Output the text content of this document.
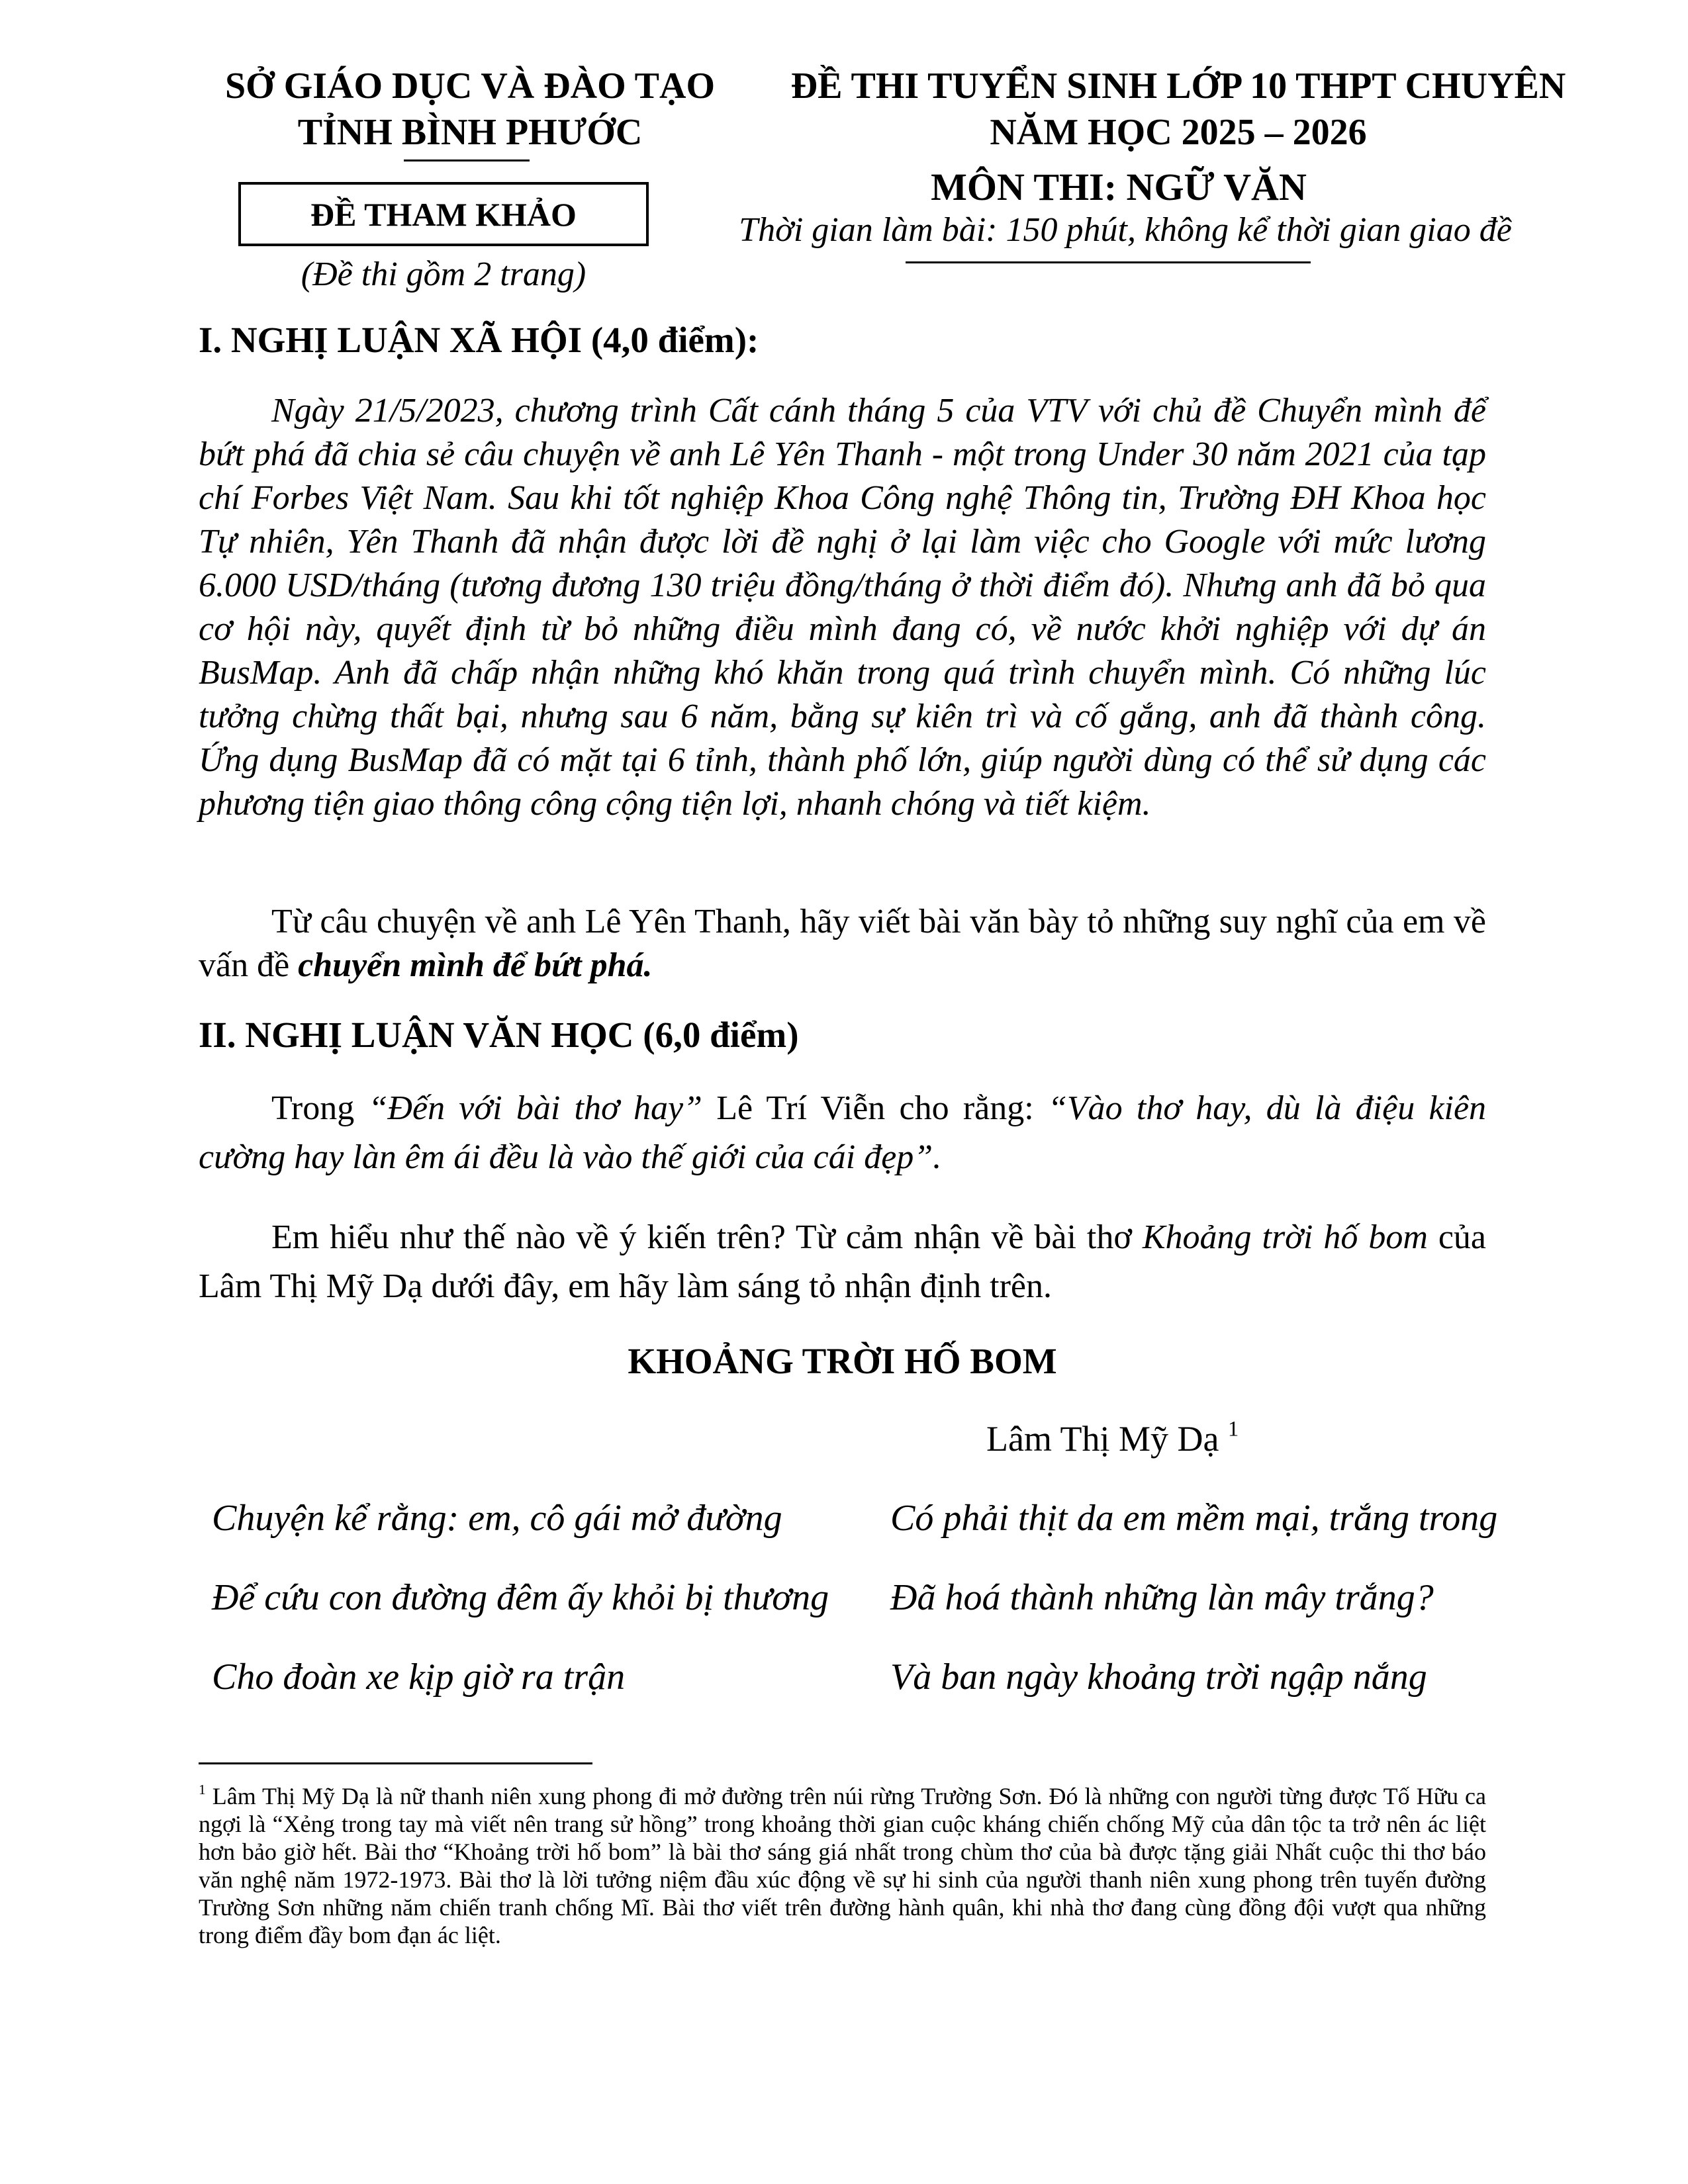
SỞ GIÁO DỤC VÀ ĐÀO TẠO
TỈNH BÌNH PHƯỚC
ĐỀ THI TUYỂN SINH LỚP 10 THPT CHUYÊN
NĂM HỌC 2025 – 2026
ĐỀ THAM KHẢO
(Đề thi gồm 2 trang)
MÔN THI: NGỮ VĂN
Thời gian làm bài: 150 phút, không kể thời gian giao đề
I. NGHỊ LUẬN XÃ HỘI (4,0 điểm):
Ngày 21/5/2023, chương trình Cất cánh tháng 5 của VTV với chủ đề Chuyển mình để bứt phá đã chia sẻ câu chuyện về anh Lê Yên Thanh - một trong Under 30 năm 2021 của tạp chí Forbes Việt Nam. Sau khi tốt nghiệp Khoa Công nghệ Thông tin, Trường ĐH Khoa học Tự nhiên, Yên Thanh đã nhận được lời đề nghị ở lại làm việc cho Google với mức lương 6.000 USD/tháng (tương đương 130 triệu đồng/tháng ở thời điểm đó). Nhưng anh đã bỏ qua cơ hội này, quyết định từ bỏ những điều mình đang có, về nước khởi nghiệp với dự án BusMap. Anh đã chấp nhận những khó khăn trong quá trình chuyển mình. Có những lúc tưởng chừng thất bại, nhưng sau 6 năm, bằng sự kiên trì và cố gắng, anh đã thành công. Ứng dụng BusMap đã có mặt tại 6 tỉnh, thành phố lớn, giúp người dùng có thể sử dụng các phương tiện giao thông công cộng tiện lợi, nhanh chóng và tiết kiệm.
Từ câu chuyện về anh Lê Yên Thanh, hãy viết bài văn bày tỏ những suy nghĩ của em về vấn đề chuyển mình để bứt phá.
II. NGHỊ LUẬN VĂN HỌC (6,0 điểm)
Trong “Đến với bài thơ hay” Lê Trí Viễn cho rằng: “Vào thơ hay, dù là điệu kiên cường hay làn êm ái đều là vào thế giới của cái đẹp”.
Em hiểu như thế nào về ý kiến trên? Từ cảm nhận về bài thơ Khoảng trời hố bom của Lâm Thị Mỹ Dạ dưới đây, em hãy làm sáng tỏ nhận định trên.
KHOẢNG TRỜI HỐ BOM
Lâm Thị Mỹ Dạ $^1$
Chuyện kể rằng: em, cô gái mở đường
Để cứu con đường đêm ấy khỏi bị thương
Cho đoàn xe kịp giờ ra trận
Có phải thịt da em mềm mại, trắng trong
Đã hoá thành những làn mây trắng?
Và ban ngày khoảng trời ngập nắng
$^1$ Lâm Thị Mỹ Dạ là nữ thanh niên xung phong đi mở đường trên núi rừng Trường Sơn. Đó là những con người từng được Tố Hữu ca ngợi là “Xẻng trong tay mà viết nên trang sử hồng” trong khoảng thời gian cuộc kháng chiến chống Mỹ của dân tộc ta trở nên ác liệt hơn bảo giờ hết. Bài thơ “Khoảng trời hố bom” là bài thơ sáng giá nhất trong chùm thơ của bà được tặng giải Nhất cuộc thi thơ báo văn nghệ năm 1972-1973. Bài thơ là lời tưởng niệm đầu xúc động về sự hi sinh của người thanh niên xung phong trên tuyến đường Trường Sơn những năm chiến tranh chống Mĩ. Bài thơ viết trên đường hành quân, khi nhà thơ đang cùng đồng đội vượt qua những trong điểm đầy bom đạn ác liệt.
